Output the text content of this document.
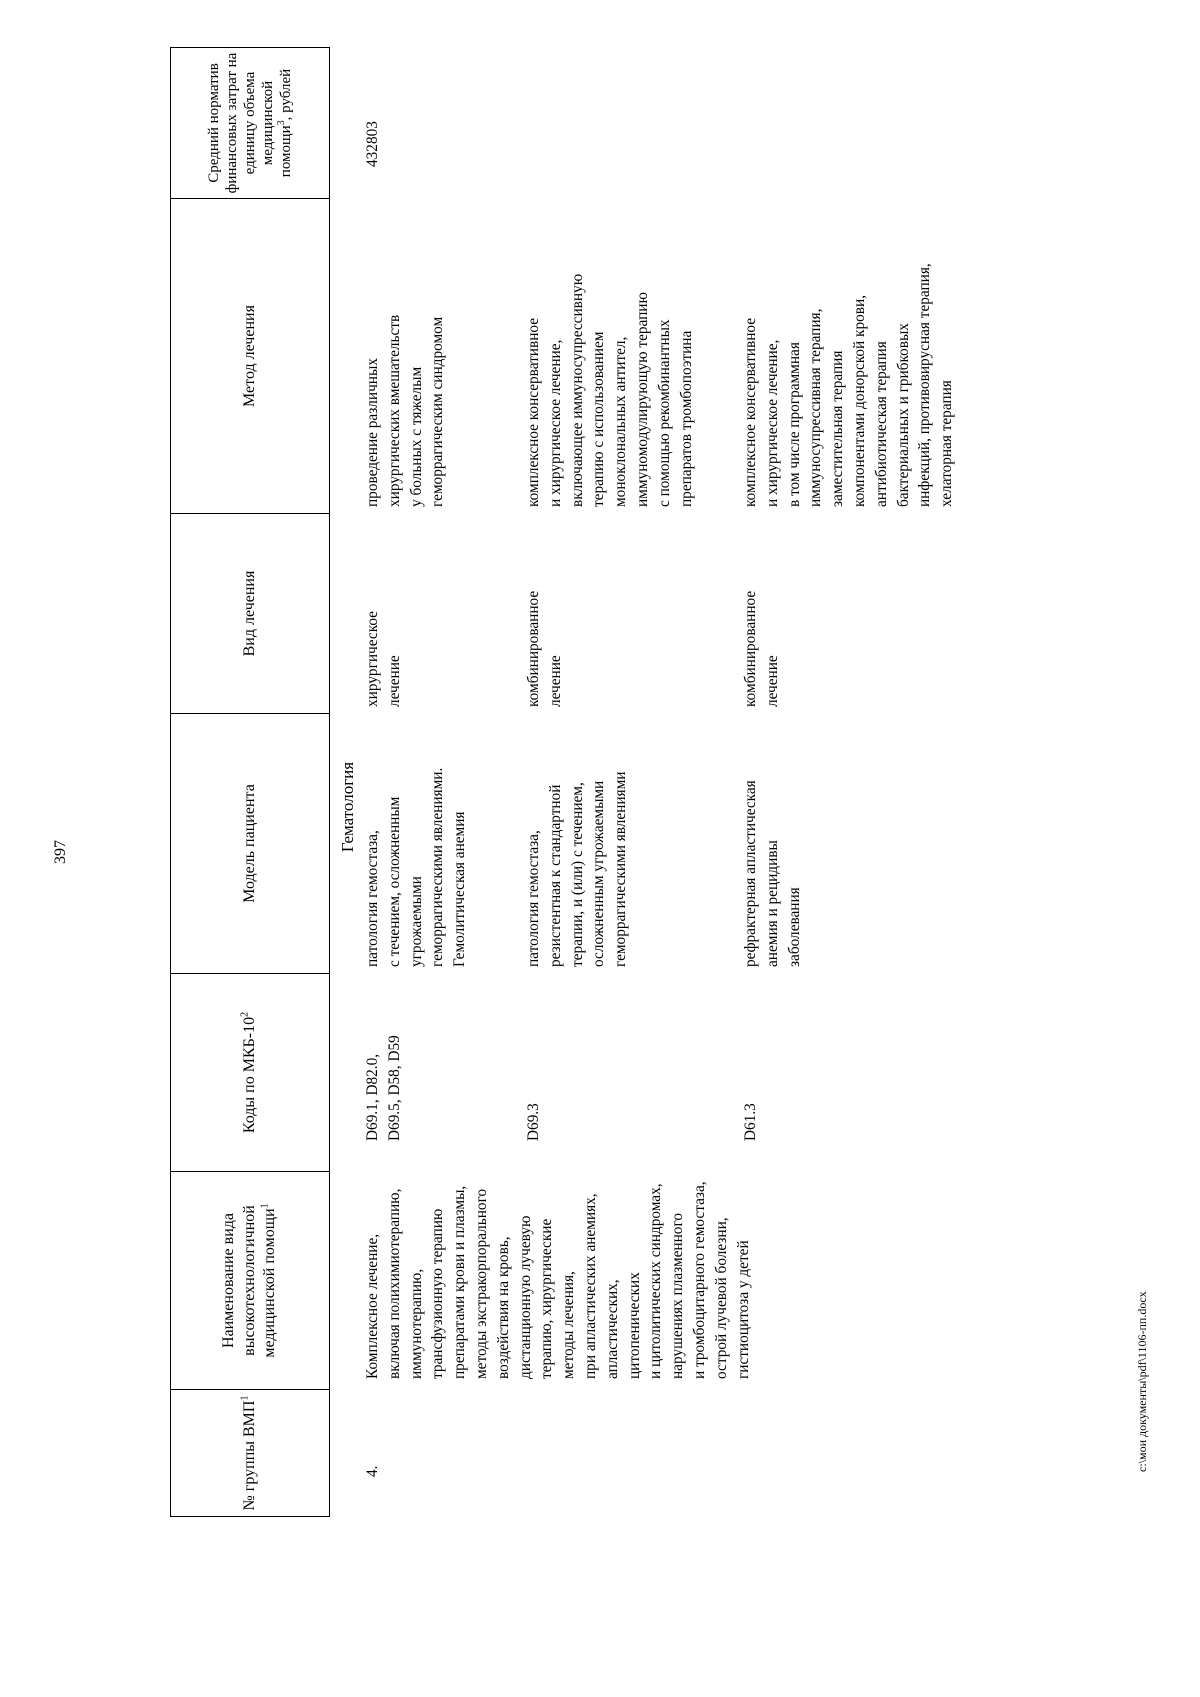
397
№ группы ВМП$^1$
Наименование вида высокотехнологичной медицинской помощи$^1$
Коды по МКБ-$10^2$
Модель пациента
Вид лечения
Метод лечения
Средний норматив финансовых затрат на единицу объема медицинской помощи$^3$, рублей
Гематология
4.
Комплексное лечение,
включая полихимиотерапию,
иммунотерапию,
трансфузионную терапию
препаратами крови и плазмы,
методы экстракорпорального
воздействия на кровь,
дистанционную лучевую
терапию, хирургические
методы лечения,
при апластических анемиях,
апластических,
цитопенических
и цитолитических синдромах,
нарушениях плазменного
и тромбоцитарного гемостаза,
острой лучевой болезни,
гистиоцитоза у детей
432803
D69.1, D82.0,
D69.5, D58, D59
патология гемостаза,
с течением, осложненным
угрожаемыми
геморрагическими явлениями.
Гемолитическая анемия
хирургическое
лечение
проведение различных
хирургических вмешательств
у больных с тяжелым
геморрагическим синдромом
D69.3
патология гемостаза,
резистентная к стандартной
терапии, и (или) с течением,
осложненным угрожаемыми
геморрагическими явлениями
комбинированное
лечение
комплексное консервативное
и хирургическое лечение,
включающее иммуносупрессивную
терапию с использованием
моноклональных антител,
иммуномодулирующую терапию
с помощью рекомбинантных
препаратов тромбопоэтина
D61.3
рефрактерная апластическая
анемия и рецидивы
заболевания
комбинированное
лечение
комплексное консервативное
и хирургическое лечение,
в том числе программная
иммуносупрессивная терапия,
заместительная терапия
компонентами донорской крови,
антибиотическая терапия
бактериальных и грибковых
инфекций, противовирусная терапия,
хелаторная терапия
c:\мои документы\pdf\1106-пп.docx
